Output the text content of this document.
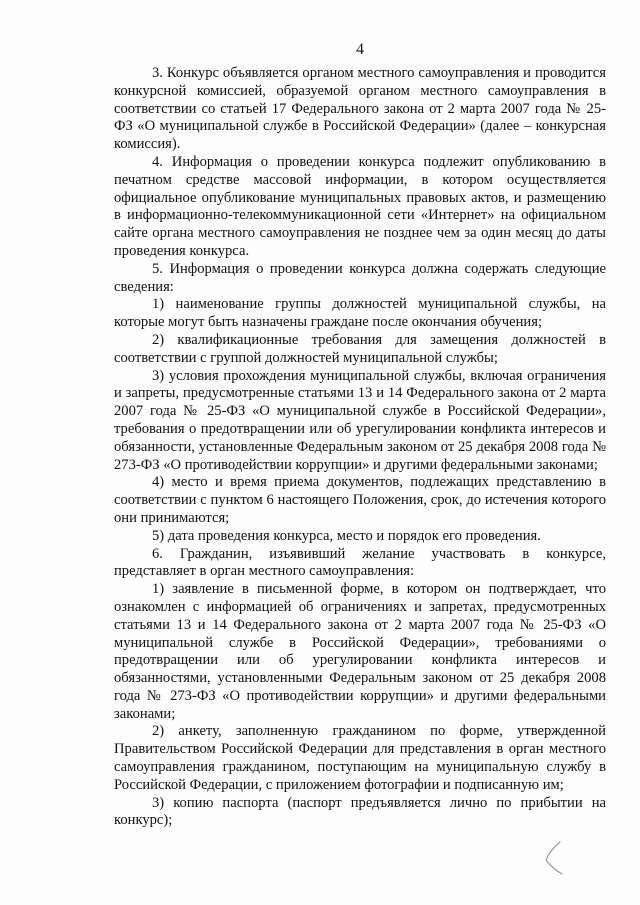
4

3. Конкурс объявляется органом местного самоуправления и проводится конкурсной комиссией, образуемой органом местного самоуправления в соответствии со статьей 17 Федерального закона от 2 марта 2007 года № 25-ФЗ «О муниципальной службе в Российской Федерации» (далее – конкурсная комиссия).

4. Информация о проведении конкурса подлежит опубликованию в печатном средстве массовой информации, в котором осуществляется официальное опубликование муниципальных правовых актов, и размещению в информационно-телекоммуникационной сети «Интернет» на официальном сайте органа местного самоуправления не позднее чем за один месяц до даты проведения конкурса.

5. Информация о проведении конкурса должна содержать следующие сведения:

1) наименование группы должностей муниципальной службы, на которые могут быть назначены граждане после окончания обучения;

2) квалификационные требования для замещения должностей в соответствии с группой должностей муниципальной службы;

3) условия прохождения муниципальной службы, включая ограничения и запреты, предусмотренные статьями 13 и 14 Федерального закона от 2 марта 2007 года № 25-ФЗ «О муниципальной службе в Российской Федерации», требования о предотвращении или об урегулировании конфликта интересов и обязанности, установленные Федеральным законом от 25 декабря 2008 года № 273-ФЗ «О противодействии коррупции» и другими федеральными законами;

4) место и время приема документов, подлежащих представлению в соответствии с пунктом 6 настоящего Положения, срок, до истечения которого они принимаются;

5) дата проведения конкурса, место и порядок его проведения.

6. Гражданин, изъявивший желание участвовать в конкурсе, представляет в орган местного самоуправления:

1) заявление в письменной форме, в котором он подтверждает, что ознакомлен с информацией об ограничениях и запретах, предусмотренных статьями 13 и 14 Федерального закона от 2 марта 2007 года № 25-ФЗ «О муниципальной службе в Российской Федерации», требованиями о предотвращении или об урегулировании конфликта интересов и обязанностями, установленными Федеральным законом от 25 декабря 2008 года № 273-ФЗ «О противодействии коррупции» и другими федеральными законами;

2) анкету, заполненную гражданином по форме, утвержденной Правительством Российской Федерации для представления в орган местного самоуправления гражданином, поступающим на муниципальную службу в Российской Федерации, с приложением фотографии и подписанную им;

3) копию паспорта (паспорт предъявляется лично по прибытии на конкурс);
